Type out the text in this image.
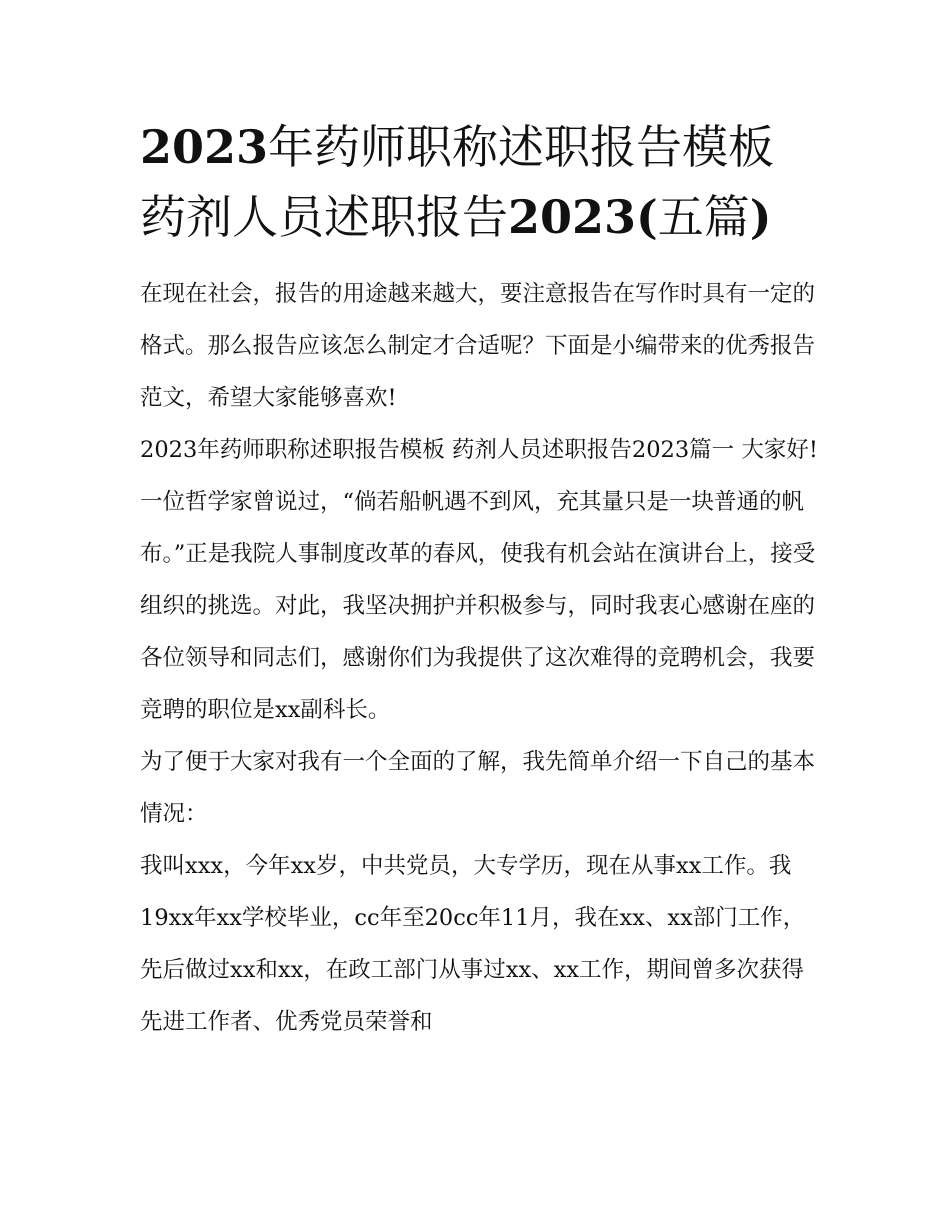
2023年药师职称述职报告模板
药剂人员述职报告2023(五篇)

在现在社会，报告的用途越来越大，要注意报告在写作时具有一定的格式。那么报告应该怎么制定才合适呢？下面是小编带来的优秀报告范文，希望大家能够喜欢!

2023年药师职称述职报告模板 药剂人员述职报告2023篇一 大家好!

一位哲学家曾说过，“倘若船帆遇不到风，充其量只是一块普通的帆布。”正是我院人事制度改革的春风，使我有机会站在演讲台上，接受组织的挑选。对此，我坚决拥护并积极参与，同时我衷心感谢在座的各位领导和同志们，感谢你们为我提供了这次难得的竞聘机会，我要竞聘的职位是xx副科长。

为了便于大家对我有一个全面的了解，我先简单介绍一下自己的基本情况：

我叫xxx，今年xx岁，中共党员，大专学历，现在从事xx工作。我19xx年xx学校毕业，cc年至20cc年11月，我在xx、xx部门工作，先后做过xx和xx，在政工部门从事过xx、xx工作，期间曾多次获得先进工作者、优秀党员荣誉和
